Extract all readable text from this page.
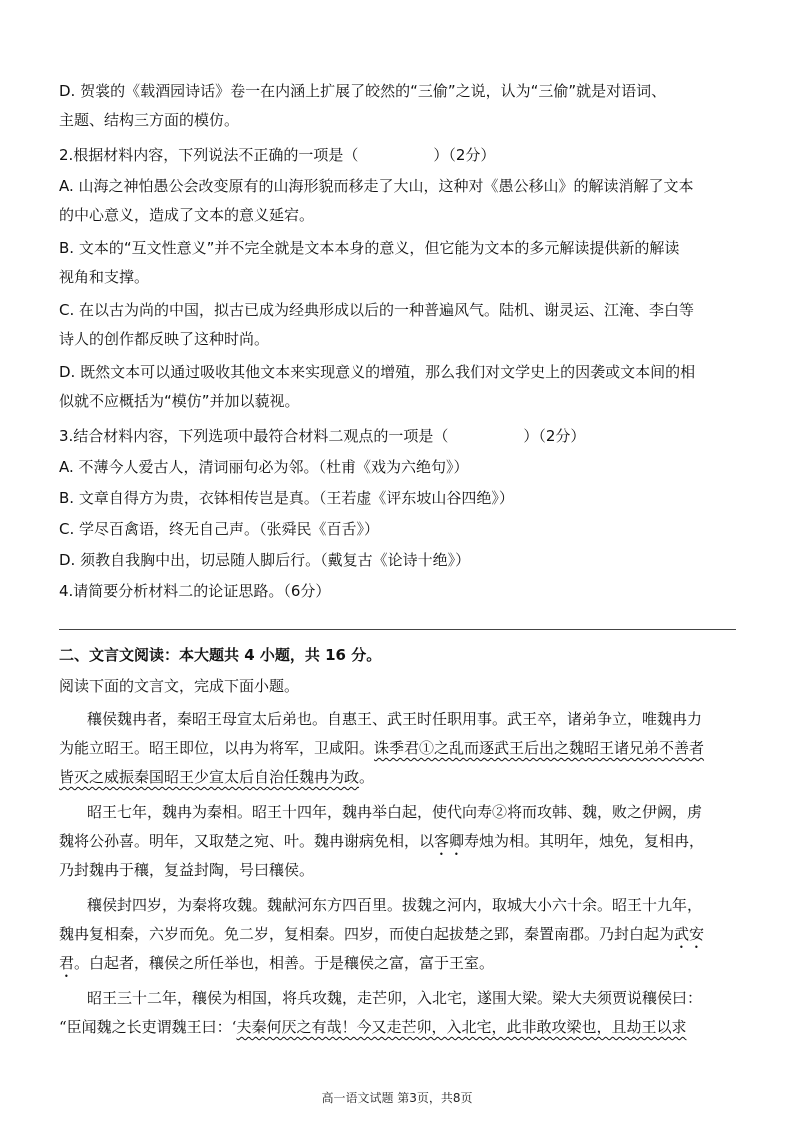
D. 贺裳的《载酒园诗话》卷一在内涵上扩展了皎然的“三偷”之说，认为“三偷”就是对语词、
主题、结构三方面的模仿。
2.根据材料内容，下列说法不正确的一项是（　　　　　）（2分）
A. 山海之神怕愚公会改变原有的山海形貌而移走了大山，这种对《愚公移山》的解读消解了文本
的中心意义，造成了文本的意义延宕。
B. 文本的“互文性意义”并不完全就是文本本身的意义，但它能为文本的多元解读提供新的解读
视角和支撑。
C. 在以古为尚的中国，拟古已成为经典形成以后的一种普遍风气。陆机、谢灵运、江淹、李白等
诗人的创作都反映了这种时尚。
D. 既然文本可以通过吸收其他文本来实现意义的增殖，那么我们对文学史上的因袭或文本间的相
似就不应概括为“模仿”并加以藐视。
3.结合材料内容，下列选项中最符合材料二观点的一项是（　　　　　）（2分）
A. 不薄今人爱古人，清词丽句必为邻。（杜甫《戏为六绝句》）
B. 文章自得方为贵，衣钵相传岂是真。（王若虚《评东坡山谷四绝》）
C. 学尽百禽语，终无自己声。（张舜民《百舌》）
D. 须教自我胸中出，切忌随人脚后行。（戴复古《论诗十绝》）
4.请简要分析材料二的论证思路。（6分）
二、文言文阅读：本大题共 4 小题，共 16 分。
阅读下面的文言文，完成下面小题。
穰侯魏冉者，秦昭王母宣太后弟也。自惠王、武王时任职用事。武王卒，诸弟争立，唯魏冉力
为能立昭王。昭王即位，以冉为将军，卫咸阳。诛季君①之乱而逐武王后出之魏昭王诸兄弟不善者
皆灭之威振秦国昭王少宣太后自治任魏冉为政。
昭王七年，魏冉为秦相。昭王十四年，魏冉举白起，使代向寿②将而攻韩、魏，败之伊阙，虏
魏将公孙喜。明年，又取楚之宛、叶。魏冉谢病免相，以客卿寿烛为相。其明年，烛免，复相冉，
乃封魏冉于穰，复益封陶，号曰穰侯。
穰侯封四岁，为秦将攻魏。魏献河东方四百里。拔魏之河内，取城大小六十余。昭王十九年，
魏冉复相秦，六岁而免。免二岁，复相秦。四岁，而使白起拔楚之郢，秦置南郡。乃封白起为武安
君。白起者，穰侯之所任举也，相善。于是穰侯之富，富于王室。
昭王三十二年，穰侯为相国，将兵攻魏，走芒卯，入北宅，遂围大梁。梁大夫须贾说穰侯曰：
“臣闻魏之长吏谓魏王曰：‘夫秦何厌之有哉！今又走芒卯，入北宅，此非敢攻梁也，且劫王以求
高一语文试题 第3页，共8页
